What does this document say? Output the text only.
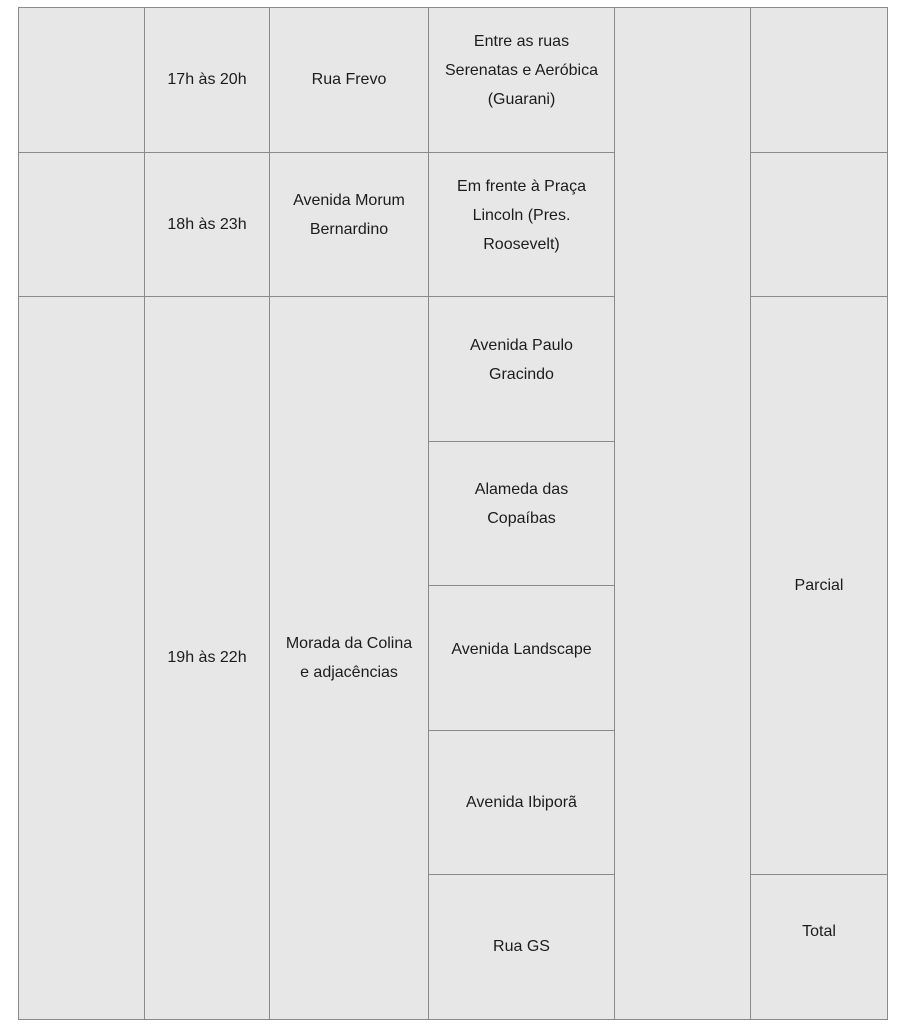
	17h às 20h	Rua Frevo	Entre as ruas Serenatas e Aeróbica (Guarani)		

	18h às 23h	Avenida Morum Bernardino	Em frente à Praça Lincoln (Pres. Roosevelt)		

	19h às 22h	Morada da Colina e adjacências	Avenida Paulo Gracindo		Parcial

			Alameda das Copaíbas		

			Avenida Landscape		

			Avenida Ibiporã		

			Rua GS		Total
